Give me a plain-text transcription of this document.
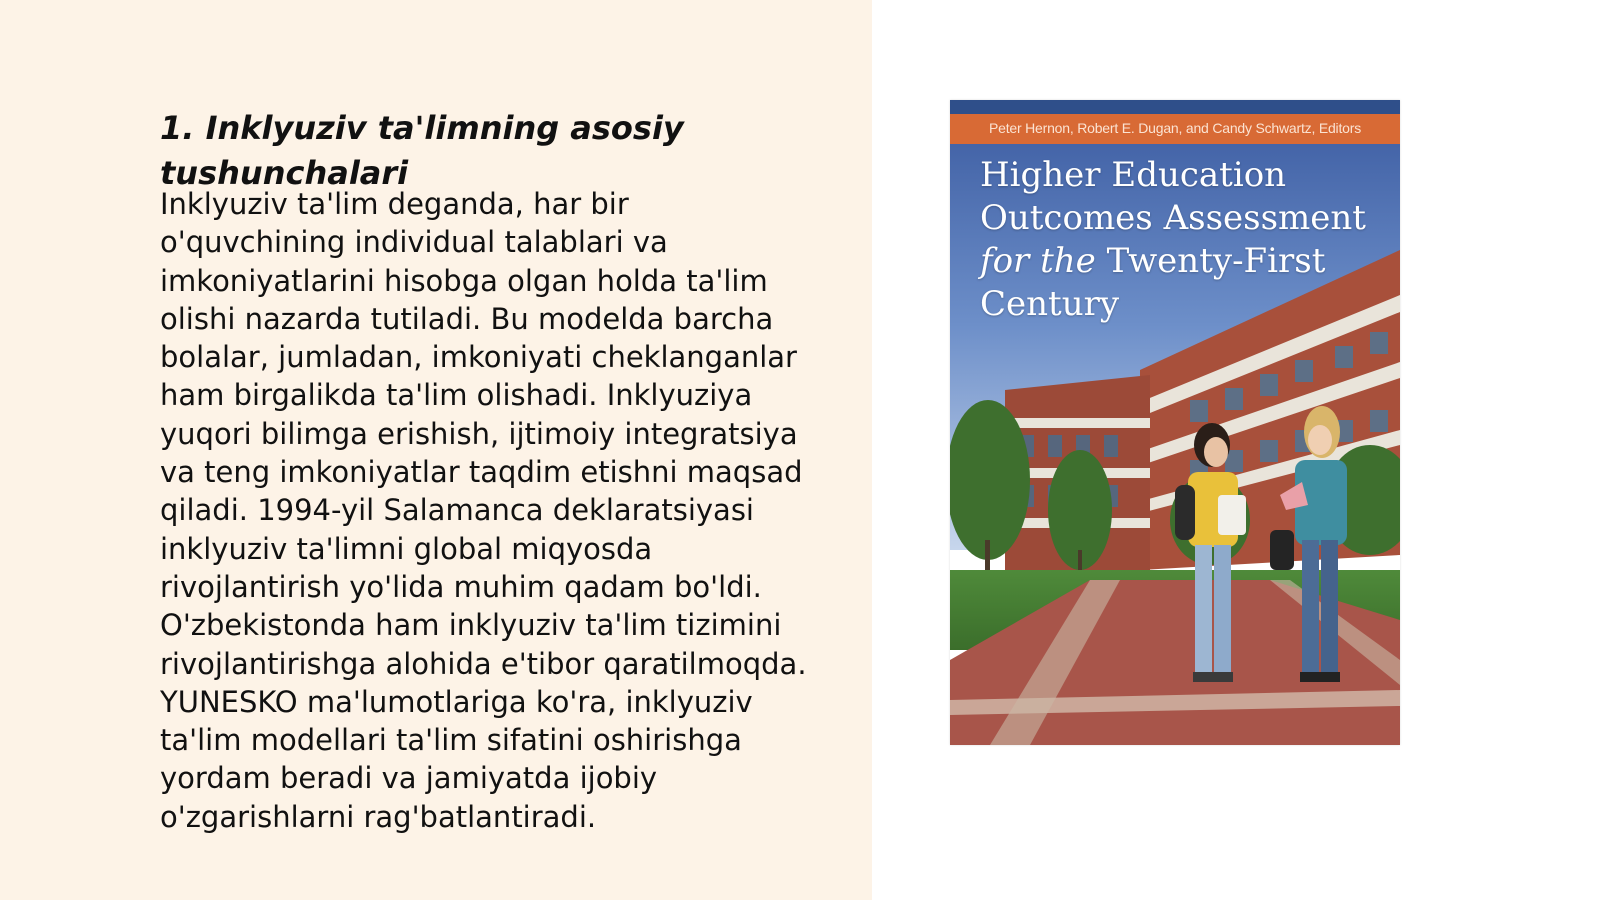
1. Inklyuziv ta'limning asosiy tushunchalari

Inklyuziv ta'lim deganda, har bir
o'quvchining individual talablari va
imkoniyatlarini hisobga olgan holda ta'lim
olishi nazarda tutiladi. Bu modelda barcha
bolalar, jumladan, imkoniyati cheklanganlar
ham birgalikda ta'lim olishadi. Inklyuziya
yuqori bilimga erishish, ijtimoiy integratsiya
va teng imkoniyatlar taqdim etishni maqsad
qiladi. 1994-yil Salamanca deklaratsiyasi
inklyuziv ta'limni global miqyosda
rivojlantirish yo'lida muhim qadam bo'ldi.
O'zbekistonda ham inklyuziv ta'lim tizimini
rivojlantirishga alohida e'tibor qaratilmoqda.
YUNESKO ma'lumotlariga ko'ra, inklyuziv
ta'lim modellari ta'lim sifatini oshirishga
yordam beradi va jamiyatda ijobiy
o'zgarishlarni rag'batlantiradi.

Peter Hernon, Robert E. Dugan, and Candy Schwartz, Editors
Higher Education
Outcomes Assessment
for the Twenty-First
Century
